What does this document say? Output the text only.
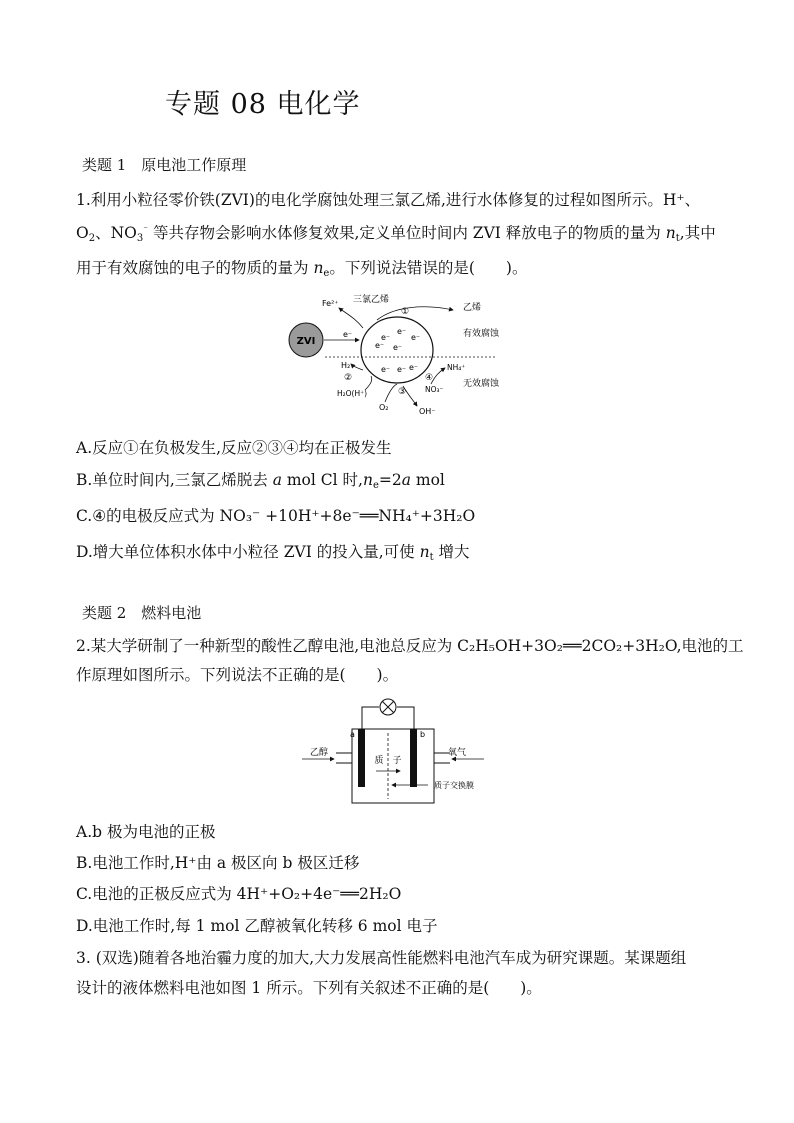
专题 08 电化学
类题 1　原电池工作原理
1.利用小粒径零价铁(ZVI)的电化学腐蚀处理三氯乙烯,进行水体修复的过程如图所示。H⁺、
$O_2$、$NO_3^{^-}$ 等共存物会影响水体修复效果,定义单位时间内 ZVI 释放电子的物质的量为 $n_t$,其中
用于有效腐蚀的电子的物质的量为 $n_e$。下列说法错误的是(　　)。
ZVI
e⁻
Fe²⁺ 三氯乙烯
乙烯
①
有效腐蚀
无效腐蚀
e⁻
e⁻
e⁻
e⁻ e⁻
e⁻ e⁻ e⁻
H₂
②
H₂O(H⁺)
O₂
③
OH⁻
④
NO₃⁻
NH₄⁺
A.反应①在负极发生,反应②③④均在正极发生
B.单位时间内,三氯乙烯脱去 a mol Cl 时$,n_e=2a$ mol
C.④的电极反应式为 NO₃⁻ +10H⁺+8e⁻══NH₄⁺+3H₂O
D.增大单位体积水体中小粒径 ZVI 的投入量,可使 $n_t$ 增大
类题 2　燃料电池
2.某大学研制了一种新型的酸性乙醇电池,电池总反应为 C₂H₅OH+3O₂══2CO₂+3H₂O,电池的工
作原理如图所示。下列说法不正确的是(　　)。
a	b
乙醇	氧气
质　子
质子交换膜
A.b 极为电池的正极
B.电池工作时,H⁺由 a 极区向 b 极区迁移
C.电池的正极反应式为 4H⁺+O₂+4e⁻══2H₂O
D.电池工作时,每 1 mol 乙醇被氧化转移 6 mol 电子
3. (双选)随着各地治霾力度的加大,大力发展高性能燃料电池汽车成为研究课题。某课题组
设计的液体燃料电池如图 1 所示。下列有关叙述不正确的是(　　)。
